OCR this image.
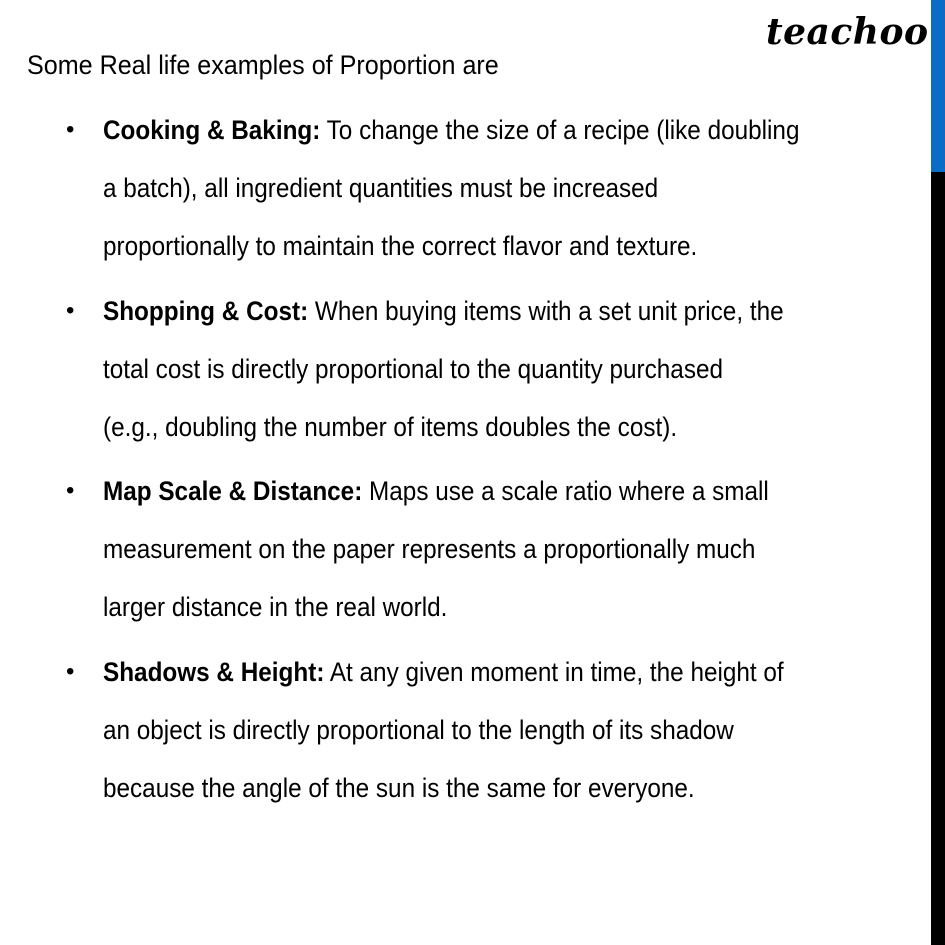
teachoo
Some Real life examples of Proportion are
• Cooking & Baking: To change the size of a recipe (like doubling
a batch), all ingredient quantities must be increased
proportionally to maintain the correct flavor and texture.
• Shopping & Cost: When buying items with a set unit price, the
total cost is directly proportional to the quantity purchased
(e.g., doubling the number of items doubles the cost).
• Map Scale & Distance: Maps use a scale ratio where a small
measurement on the paper represents a proportionally much
larger distance in the real world.
• Shadows & Height: At any given moment in time, the height of
an object is directly proportional to the length of its shadow
because the angle of the sun is the same for everyone.
